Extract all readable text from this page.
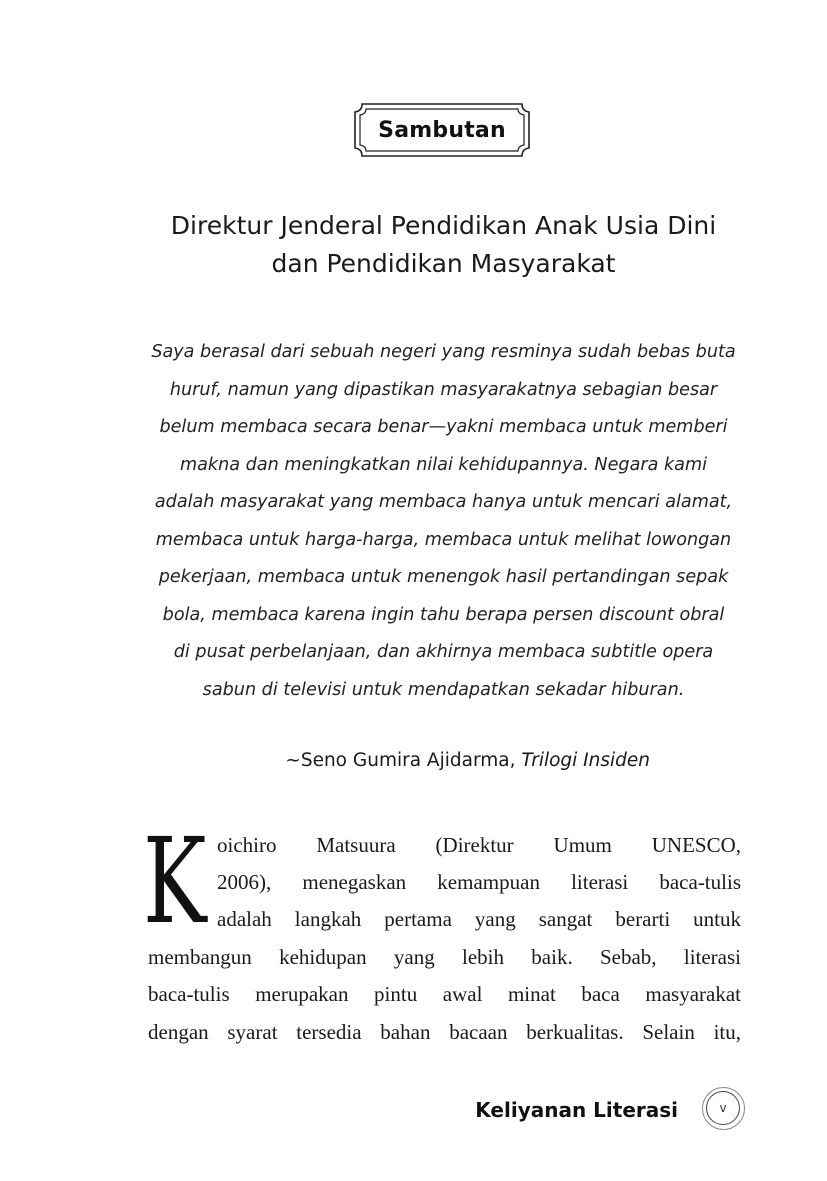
Sambutan
Direktur Jenderal Pendidikan Anak Usia Dini
dan Pendidikan Masyarakat
Saya berasal dari sebuah negeri yang resminya sudah bebas buta
huruf, namun yang dipastikan masyarakatnya sebagian besar
belum membaca secara benar—yakni membaca untuk memberi
makna dan meningkatkan nilai kehidupannya. Negara kami
adalah masyarakat yang membaca hanya untuk mencari alamat,
membaca untuk harga-harga, membaca untuk melihat lowongan
pekerjaan, membaca untuk menengok hasil pertandingan sepak
bola, membaca karena ingin tahu berapa persen discount obral
di pusat perbelanjaan, dan akhirnya membaca subtitle opera
sabun di televisi untuk mendapatkan sekadar hiburan.
~Seno Gumira Ajidarma, Trilogi Insiden
K oichiro Matsuura (Direktur Umum UNESCO,
2006), menegaskan kemampuan literasi baca-tulis
adalah langkah pertama yang sangat berarti untuk
membangun kehidupan yang lebih baik. Sebab, literasi
baca-tulis merupakan pintu awal minat baca masyarakat
dengan syarat tersedia bahan bacaan berkualitas. Selain itu,
Keliyanan Literasi	v
